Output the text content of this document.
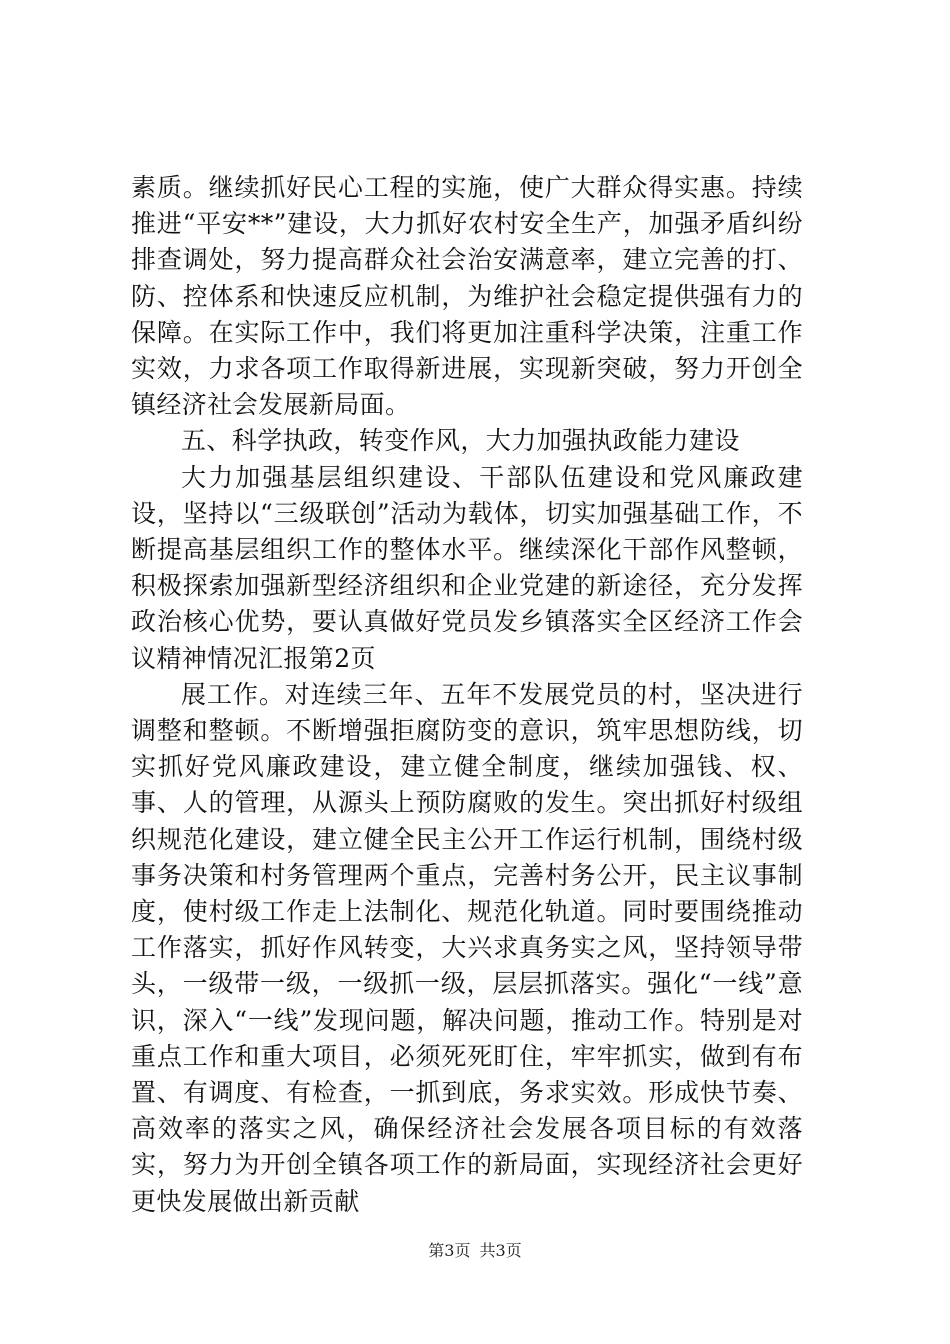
素质。继续抓好民心工程的实施，使广大群众得实惠。持续推进“平安**”建设，大力抓好农村安全生产，加强矛盾纠纷排查调处，努力提高群众社会治安满意率，建立完善的打、防、控体系和快速反应机制，为维护社会稳定提供强有力的保障。在实际工作中，我们将更加注重科学决策，注重工作实效，力求各项工作取得新进展，实现新突破，努力开创全镇经济社会发展新局面。

五、科学执政，转变作风，大力加强执政能力建设

大力加强基层组织建设、干部队伍建设和党风廉政建设，坚持以“三级联创”活动为载体，切实加强基础工作，不断提高基层组织工作的整体水平。继续深化干部作风整顿，积极探索加强新型经济组织和企业党建的新途径，充分发挥政治核心优势，要认真做好党员发乡镇落实全区经济工作会议精神情况汇报第2页

展工作。对连续三年、五年不发展党员的村，坚决进行调整和整顿。不断增强拒腐防变的意识，筑牢思想防线，切实抓好党风廉政建设，建立健全制度，继续加强钱、权、事、人的管理，从源头上预防腐败的发生。突出抓好村级组织规范化建设，建立健全民主公开工作运行机制，围绕村级事务决策和村务管理两个重点，完善村务公开，民主议事制度，使村级工作走上法制化、规范化轨道。同时要围绕推动工作落实，抓好作风转变，大兴求真务实之风，坚持领导带头，一级带一级，一级抓一级，层层抓落实。强化“一线”意识，深入“一线”发现问题，解决问题，推动工作。特别是对重点工作和重大项目，必须死死盯住，牢牢抓实，做到有布置、有调度、有检查，一抓到底，务求实效。形成快节奏、高效率的落实之风，确保经济社会发展各项目标的有效落实，努力为开创全镇各项工作的新局面，实现经济社会更好更快发展做出新贡献

第3页 共3页
